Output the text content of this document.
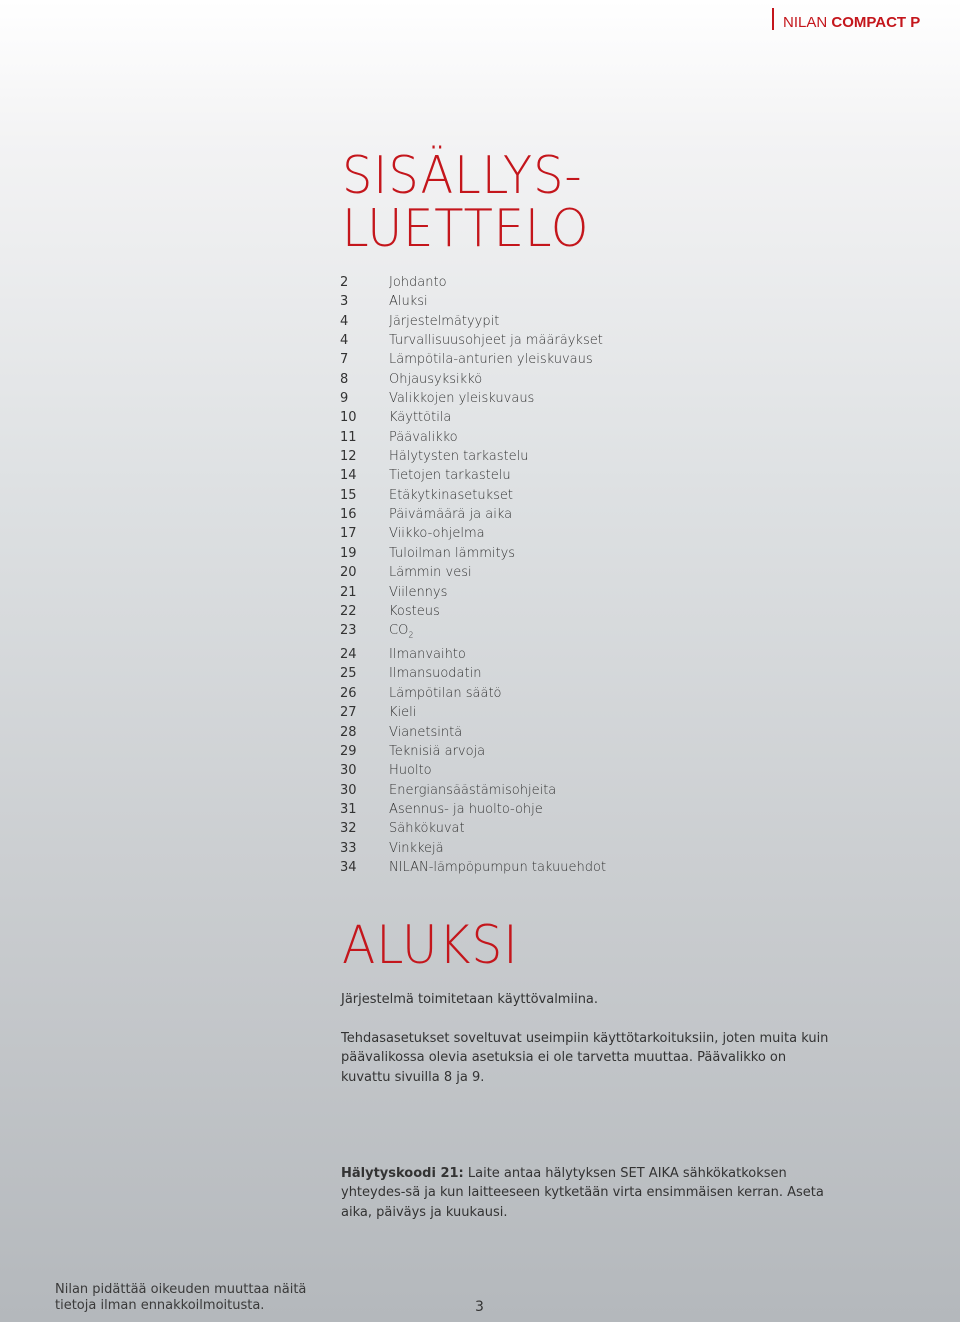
NILAN COMPACT P
SISÄLLYS-
LUETTELO
2	Johdanto
3	Aluksi
4	Järjestelmätyypit
4	Turvallisuusohjeet ja määräykset
7	Lämpötila-anturien yleiskuvaus
8	Ohjausyksikkö
9	Valikkojen yleiskuvaus
10	Käyttötila
11	Päävalikko
12	Hälytysten tarkastelu
14	Tietojen tarkastelu
15	Etäkytkinasetukset
16	Päivämäärä ja aika
17	Viikko-ohjelma
19	Tuloilman lämmitys
20	Lämmin vesi
21	Viilennys
22	Kosteus
23	$CO_2$
24	Ilmanvaihto
25	Ilmansuodatin
26	Lämpötilan säätö
27	Kieli
28	Vianetsintä
29	Teknisiä arvoja
30	Huolto
30	Energiansäästämisohjeita
31	Asennus- ja huolto-ohje
32	Sähkökuvat
33	Vinkkejä
34	NILAN-lämpöpumpun takuuehdot
ALUKSI

Järjestelmä toimitetaan käyttövalmiina.

Tehdasasetukset soveltuvat useimpiin käyttötarkoituksiin, joten muita kuin päävalikossa olevia asetuksia ei ole tarvetta muuttaa. Päävalikko on kuvattu sivuilla 8 ja 9.

Hälytyskoodi 21: Laite antaa hälytyksen SET AIKA sähkökatkoksen yhteydes-sä ja kun laitteeseen kytketään virta ensimmäisen kerran. Aseta aika, päiväys ja kuukausi.

Nilan pidättää oikeuden muuttaa näitä
tietoja ilman ennakkoilmoitusta.	3
